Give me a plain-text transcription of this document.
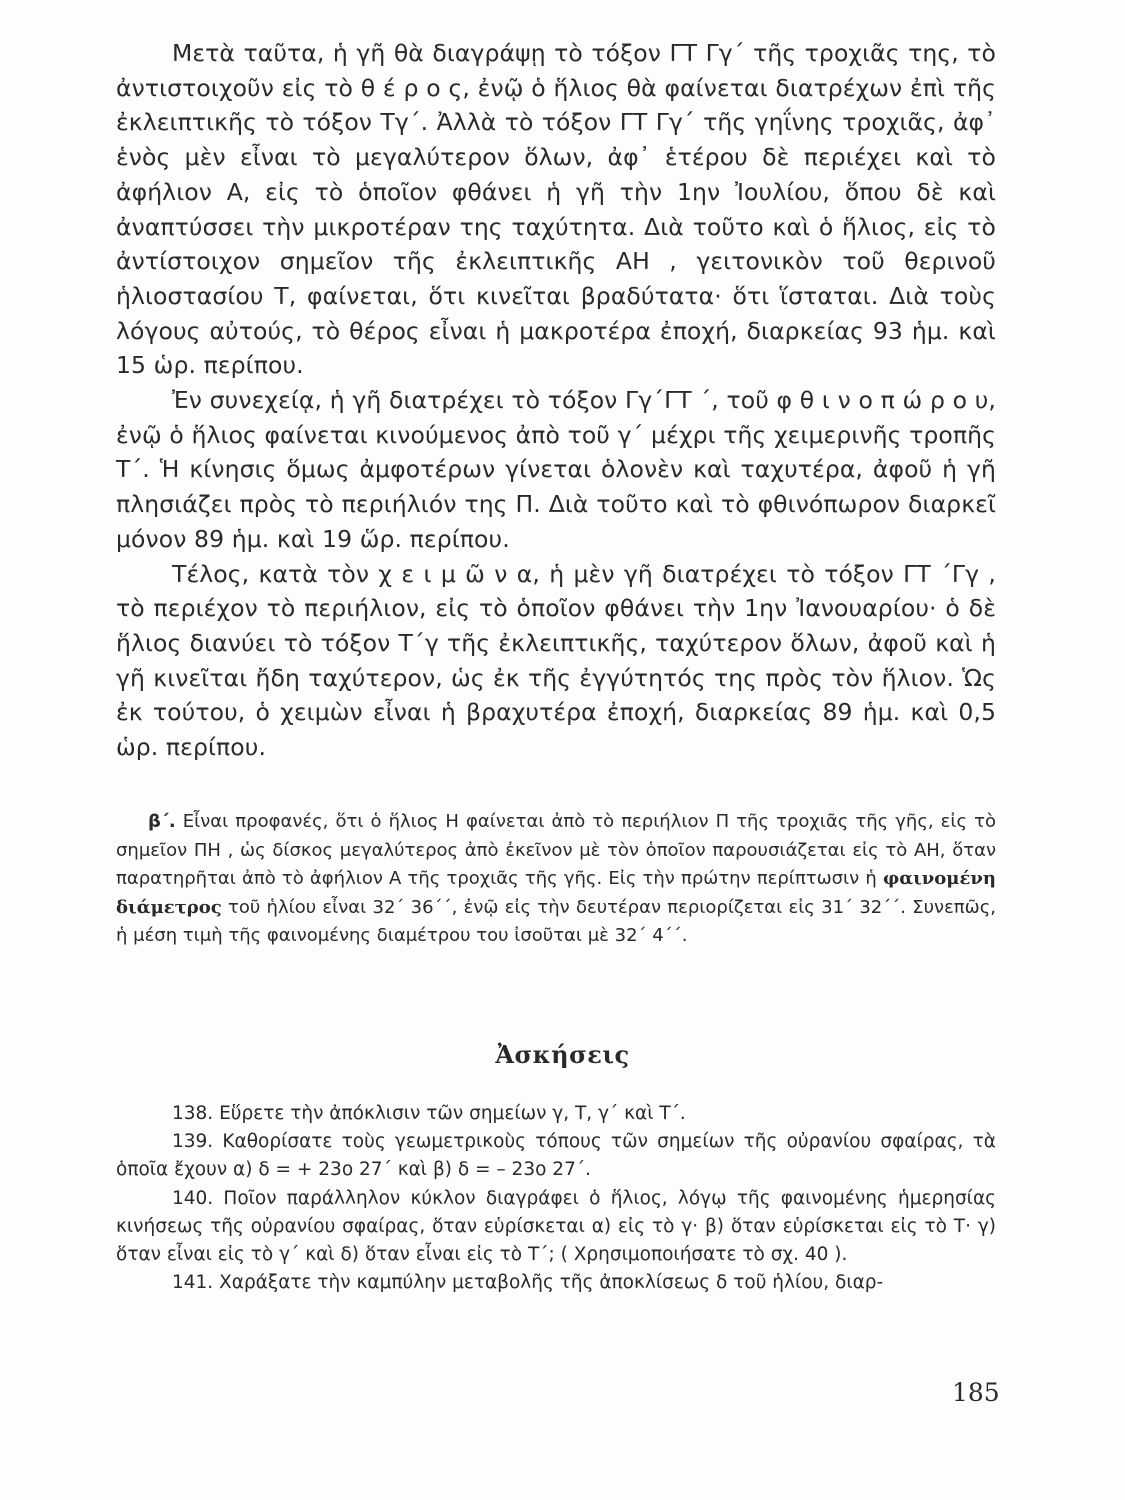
Μετὰ ταῦτα, ἡ γῆ θὰ διαγράψῃ τὸ τόξον ΓΤ Γγ΄ τῆς τροχιᾶς της, τὸ ἀντιστοιχοῦν εἰς τὸ θ έ ρ ο ς, ἐνῷ ὁ ἥλιος θὰ φαίνεται διατρέχων ἐπὶ τῆς ἐκλειπτικῆς τὸ τόξον Τγ΄. Ἀλλὰ τὸ τόξον ΓΤ Γγ΄ τῆς γηΐνης τροχιᾶς, ἀφ᾽ ἑνὸς μὲν εἶναι τὸ μεγαλύτερον ὅλων, ἀφ᾽ ἑτέρου δὲ περιέχει καὶ τὸ ἀφήλιον Α, εἰς τὸ ὁποῖον φθάνει ἡ γῆ τὴν 1ην Ἰουλίου, ὅπου δὲ καὶ ἀναπτύσσει τὴν μικροτέραν της ταχύτητα. Διὰ τοῦτο καὶ ὁ ἥλιος, εἰς τὸ ἀντίστοιχον σημεῖον τῆς ἐκλειπτικῆς ΑΗ , γειτονικὸν τοῦ θερινοῦ ἡλιοστασίου Τ, φαίνεται, ὅτι κινεῖται βραδύτατα· ὅτι ἵσταται. Διὰ τοὺς λόγους αὐτούς, τὸ θέρος εἶναι ἡ μακροτέρα ἐποχή, διαρκείας 93 ἡμ. καὶ 15 ὡρ. περίπου.

Ἐν συνεχείᾳ, ἡ γῆ διατρέχει τὸ τόξον Γγ΄ΓΤ ΄, τοῦ φ θ ι ν ο π ώ ρ ο υ, ἐνῷ ὁ ἥλιος φαίνεται κινούμενος ἀπὸ τοῦ γ΄ μέχρι τῆς χειμερινῆς τροπῆς Τ΄. Ἡ κίνησις ὅμως ἀμφοτέρων γίνεται ὁλονὲν καὶ ταχυτέρα, ἀφοῦ ἡ γῆ πλησιάζει πρὸς τὸ περιήλιόν της Π. Διὰ τοῦτο καὶ τὸ φθινόπωρον διαρκεῖ μόνον 89 ἡμ. καὶ 19 ὥρ. περίπου.

Τέλος, κατὰ τὸν χ ε ι μ ῶ ν α, ἡ μὲν γῆ διατρέχει τὸ τόξον ΓΤ ΄Γγ , τὸ περιέχον τὸ περιήλιον, εἰς τὸ ὁποῖον φθάνει τὴν 1ην Ἰανουαρίου· ὁ δὲ ἥλιος διανύει τὸ τόξον Τ΄γ τῆς ἐκλειπτικῆς, ταχύτερον ὅλων, ἀφοῦ καὶ ἡ γῆ κινεῖται ἤδη ταχύτερον, ὡς ἐκ τῆς ἐγγύτητός της πρὸς τὸν ἥλιον. Ὡς ἐκ τούτου, ὁ χειμὼν εἶναι ἡ βραχυτέρα ἐποχή, διαρκείας 89 ἡμ. καὶ 0,5 ὡρ. περίπου.

β΄. Εἶναι προφανές, ὅτι ὁ ἥλιος Η φαίνεται ἀπὸ τὸ περιήλιον Π τῆς τροχιᾶς τῆς γῆς, εἰς τὸ σημεῖον ΠΗ , ὡς δίσκος μεγαλύτερος ἀπὸ ἐκεῖνον μὲ τὸν ὁποῖον παρουσιάζεται εἰς τὸ ΑΗ, ὅταν παρατηρῆται ἀπὸ τὸ ἀφήλιον Α τῆς τροχιᾶς τῆς γῆς. Εἰς τὴν πρώτην περίπτωσιν ἡ φαινομένη διάμετρος τοῦ ἡλίου εἶναι 32΄ 36΄΄, ἐνῷ εἰς τὴν δευτέραν περιορίζεται εἰς 31΄ 32΄΄. Συνεπῶς, ἡ μέση τιμὴ τῆς φαινομένης διαμέτρου του ἰσοῦται μὲ 32΄ 4΄΄.

Ἀσκήσεις

138. Εὕρετε τὴν ἀπόκλισιν τῶν σημείων γ, Τ, γ΄ καὶ Τ΄.

139. Καθορίσατε τοὺς γεωμετρικοὺς τόπους τῶν σημείων τῆς οὐρανίου σφαίρας, τὰ ὁποῖα ἔχουν α) δ = + 23ο 27΄ καὶ β) δ = – 23ο 27΄.

140. Ποῖον παράλληλον κύκλον διαγράφει ὁ ἥλιος, λόγῳ τῆς φαινομένης ἡμερησίας κινήσεως τῆς οὐρανίου σφαίρας, ὅταν εὑρίσκεται α) εἰς τὸ γ· β) ὅταν εὑρίσκεται εἰς τὸ Τ· γ) ὅταν εἶναι εἰς τὸ γ΄ καὶ δ) ὅταν εἶναι εἰς τὸ Τ΄; ( Χρησιμοποιήσατε τὸ σχ. 40 ).

141. Χαράξατε τὴν καμπύλην μεταβολῆς τῆς ἀποκλίσεως δ τοῦ ἡλίου, διαρ-

185
